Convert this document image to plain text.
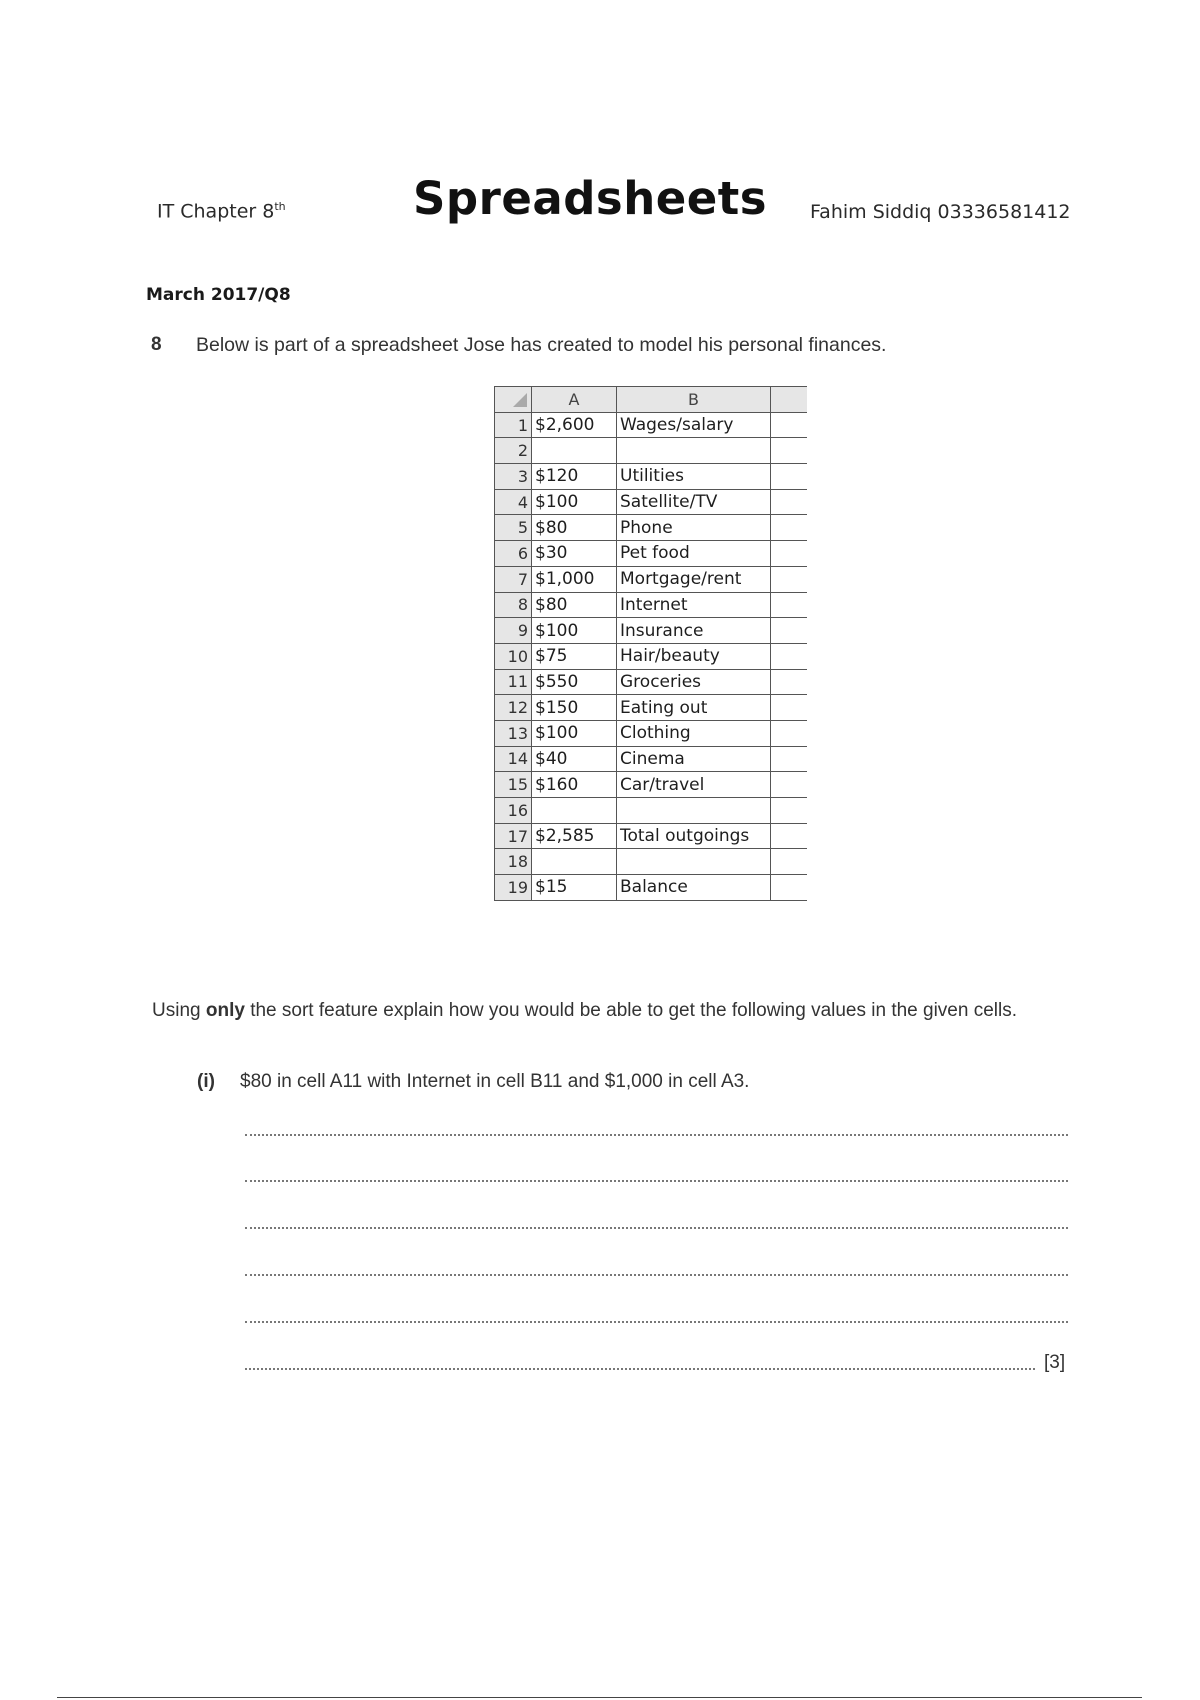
IT Chapter 8th	Spreadsheets Fahim Siddiq 03336581412
March 2017/Q8
8 Below is part of a spreadsheet Jose has created to model his personal finances.
	A	B	
1	$2,600	Wages/salary	
2			
3	$120	Utilities	
4	$100	Satellite/TV	
5	$80	Phone	
6	$30	Pet food	
7	$1,000	Mortgage/rent	
8	$80	Internet	
9	$100	Insurance	
10	$75	Hair/beauty	
11	$550	Groceries	
12	$150	Eating out	
13	$100	Clothing	
14	$40	Cinema	
15	$160	Car/travel	
16			
17	$2,585	Total outgoings	
18			
19	$15	Balance	
Using only the sort feature explain how you would be able to get the following values in the given cells.
(i) $80 in cell A11 with Internet in cell B11 and $1,000 in cell A3.
[3]
